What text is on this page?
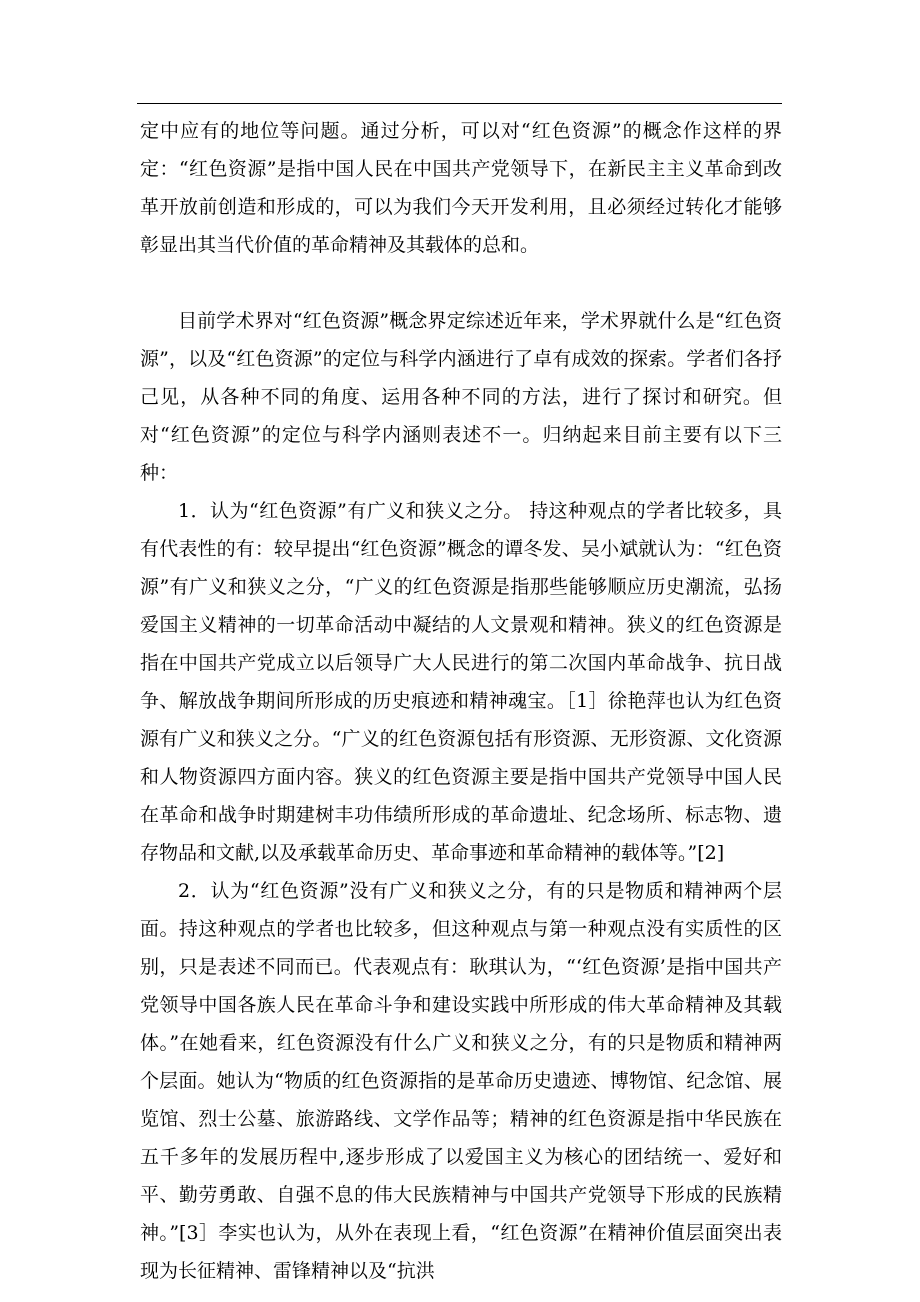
定中应有的地位等问题。通过分析，可以对“红色资源”的概念作这样的界定：“红色资源”是指中国人民在中国共产党领导下，在新民主主义革命到改革开放前创造和形成的，可以为我们今天开发利用，且必须经过转化才能够彰显出其当代价值的革命精神及其载体的总和。

目前学术界对“红色资源”概念界定综述近年来，学术界就什么是“红色资源”，以及“红色资源”的定位与科学内涵进行了卓有成效的探索。学者们各抒己见，从各种不同的角度、运用各种不同的方法，进行了探讨和研究。但对“红色资源”的定位与科学内涵则表述不一。归纳起来目前主要有以下三种：

1．认为“红色资源”有广义和狭义之分。 持这种观点的学者比较多，具有代表性的有：较早提出“红色资源”概念的谭冬发、吴小斌就认为：“红色资源”有广义和狭义之分，“广义的红色资源是指那些能够顺应历史潮流，弘扬爱国主义精神的一切革命活动中凝结的人文景观和精神。狭义的红色资源是指在中国共产党成立以后领导广大人民进行的第二次国内革命战争、抗日战争、解放战争期间所形成的历史痕迹和精神魂宝。［1］徐艳萍也认为红色资源有广义和狭义之分。“广义的红色资源包括有形资源、无形资源、文化资源和人物资源四方面内容。狭义的红色资源主要是指中国共产党领导中国人民在革命和战争时期建树丰功伟绩所形成的革命遗址、纪念场所、标志物、遗存物品和文献,以及承载革命历史、革命事迹和革命精神的载体等。”[2]

2．认为“红色资源”没有广义和狭义之分，有的只是物质和精神两个层面。持这种观点的学者也比较多，但这种观点与第一种观点没有实质性的区别，只是表述不同而已。代表观点有：耿琪认为，“‘红色资源’是指中国共产党领导中国各族人民在革命斗争和建设实践中所形成的伟大革命精神及其载体。”在她看来，红色资源没有什么广义和狭义之分，有的只是物质和精神两个层面。她认为“物质的红色资源指的是革命历史遗迹、博物馆、纪念馆、展览馆、烈士公墓、旅游路线、文学作品等；精神的红色资源是指中华民族在五千多年的发展历程中,逐步形成了以爱国主义为核心的团结统一、爱好和平、勤劳勇敢、自强不息的伟大民族精神与中国共产党领导下形成的民族精神。”[3］李实也认为，从外在表现上看，“红色资源”在精神价值层面突出表现为长征精神、雷锋精神以及“抗洪
